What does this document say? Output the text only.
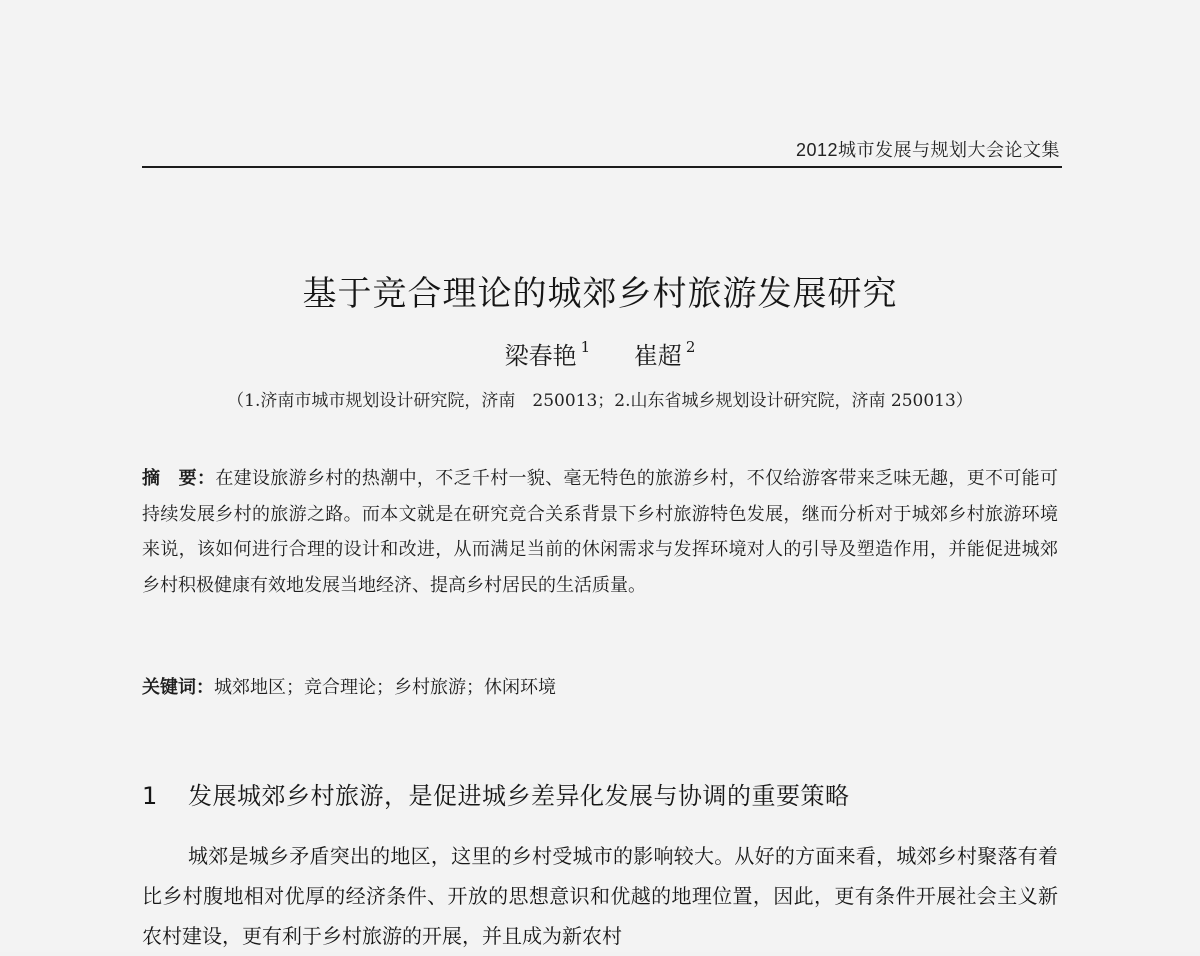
2012城市发展与规划大会论文集
基于竞合理论的城郊乡村旅游发展研究
梁春艳 $^1$ 崔超 $^2$
（1.济南市城市规划设计研究院，济南　250013；2.山东省城乡规划设计研究院，济南 250013）
摘　要：在建设旅游乡村的热潮中，不乏千村一貌、毫无特色的旅游乡村，不仅给游客带来乏味无趣，更不可能可持续发展乡村的旅游之路。而本文就是在研究竞合关系背景下乡村旅游特色发展，继而分析对于城郊乡村旅游环境来说，该如何进行合理的设计和改进，从而满足当前的休闲需求与发挥环境对人的引导及塑造作用，并能促进城郊乡村积极健康有效地发展当地经济、提高乡村居民的生活质量。
关键词：城郊地区；竞合理论；乡村旅游；休闲环境
1 发展城郊乡村旅游，是促进城乡差异化发展与协调的重要策略
城郊是城乡矛盾突出的地区，这里的乡村受城市的影响较大。从好的方面来看，城郊乡村聚落有着比乡村腹地相对优厚的经济条件、开放的思想意识和优越的地理位置，因此，更有条件开展社会主义新农村建设，更有利于乡村旅游的开展，并且成为新农村
